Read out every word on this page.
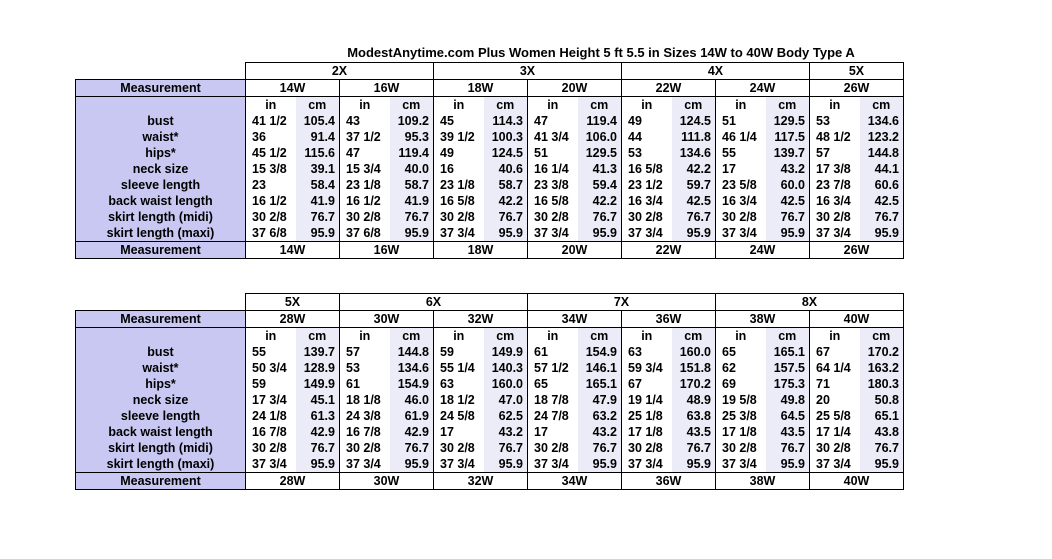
ModestAnytime.com Plus Women Height 5 ft 5.5 in Sizes 14W to 40W Body Type A
	2X				3X				4X				5X	
Measurement	14W		16W		18W		20W		22W		24W		26W	
	in	cm	in	cm	in	cm	in	cm	in	cm	in	cm	in	cm
bust	41 1/2	105.4	43	109.2	45	114.3	47	119.4	49	124.5	51	129.5	53	134.6
waist*	36	91.4	37 1/2	95.3	39 1/2	100.3	41 3/4	106.0	44	111.8	46 1/4	117.5	48 1/2	123.2
hips*	45 1/2	115.6	47	119.4	49	124.5	51	129.5	53	134.6	55	139.7	57	144.8
neck size	15 3/8	39.1	15 3/4	40.0	16	40.6	16 1/4	41.3	16 5/8	42.2	17	43.2	17 3/8	44.1
sleeve length	23	58.4	23 1/8	58.7	23 1/8	58.7	23 3/8	59.4	23 1/2	59.7	23 5/8	60.0	23 7/8	60.6
back waist length	16 1/2	41.9	16 1/2	41.9	16 5/8	42.2	16 5/8	42.2	16 3/4	42.5	16 3/4	42.5	16 3/4	42.5
skirt length (midi)	30 2/8	76.7	30 2/8	76.7	30 2/8	76.7	30 2/8	76.7	30 2/8	76.7	30 2/8	76.7	30 2/8	76.7
skirt length (maxi)	37 6/8	95.9	37 6/8	95.9	37 3/4	95.9	37 3/4	95.9	37 3/4	95.9	37 3/4	95.9	37 3/4	95.9
Measurement	14W		16W		18W		20W		22W		24W		26W	
	5X		6X				7X				8X			
Measurement	28W		30W		32W		34W		36W		38W		40W	
	in	cm	in	cm	in	cm	in	cm	in	cm	in	cm	in	cm
bust	55	139.7	57	144.8	59	149.9	61	154.9	63	160.0	65	165.1	67	170.2
waist*	50 3/4	128.9	53	134.6	55 1/4	140.3	57 1/2	146.1	59 3/4	151.8	62	157.5	64 1/4	163.2
hips*	59	149.9	61	154.9	63	160.0	65	165.1	67	170.2	69	175.3	71	180.3
neck size	17 3/4	45.1	18 1/8	46.0	18 1/2	47.0	18 7/8	47.9	19 1/4	48.9	19 5/8	49.8	20	50.8
sleeve length	24 1/8	61.3	24 3/8	61.9	24 5/8	62.5	24 7/8	63.2	25 1/8	63.8	25 3/8	64.5	25 5/8	65.1
back waist length	16 7/8	42.9	16 7/8	42.9	17	43.2	17	43.2	17 1/8	43.5	17 1/8	43.5	17 1/4	43.8
skirt length (midi)	30 2/8	76.7	30 2/8	76.7	30 2/8	76.7	30 2/8	76.7	30 2/8	76.7	30 2/8	76.7	30 2/8	76.7
skirt length (maxi)	37 3/4	95.9	37 3/4	95.9	37 3/4	95.9	37 3/4	95.9	37 3/4	95.9	37 3/4	95.9	37 3/4	95.9
Measurement	28W		30W		32W		34W		36W		38W		40W	
